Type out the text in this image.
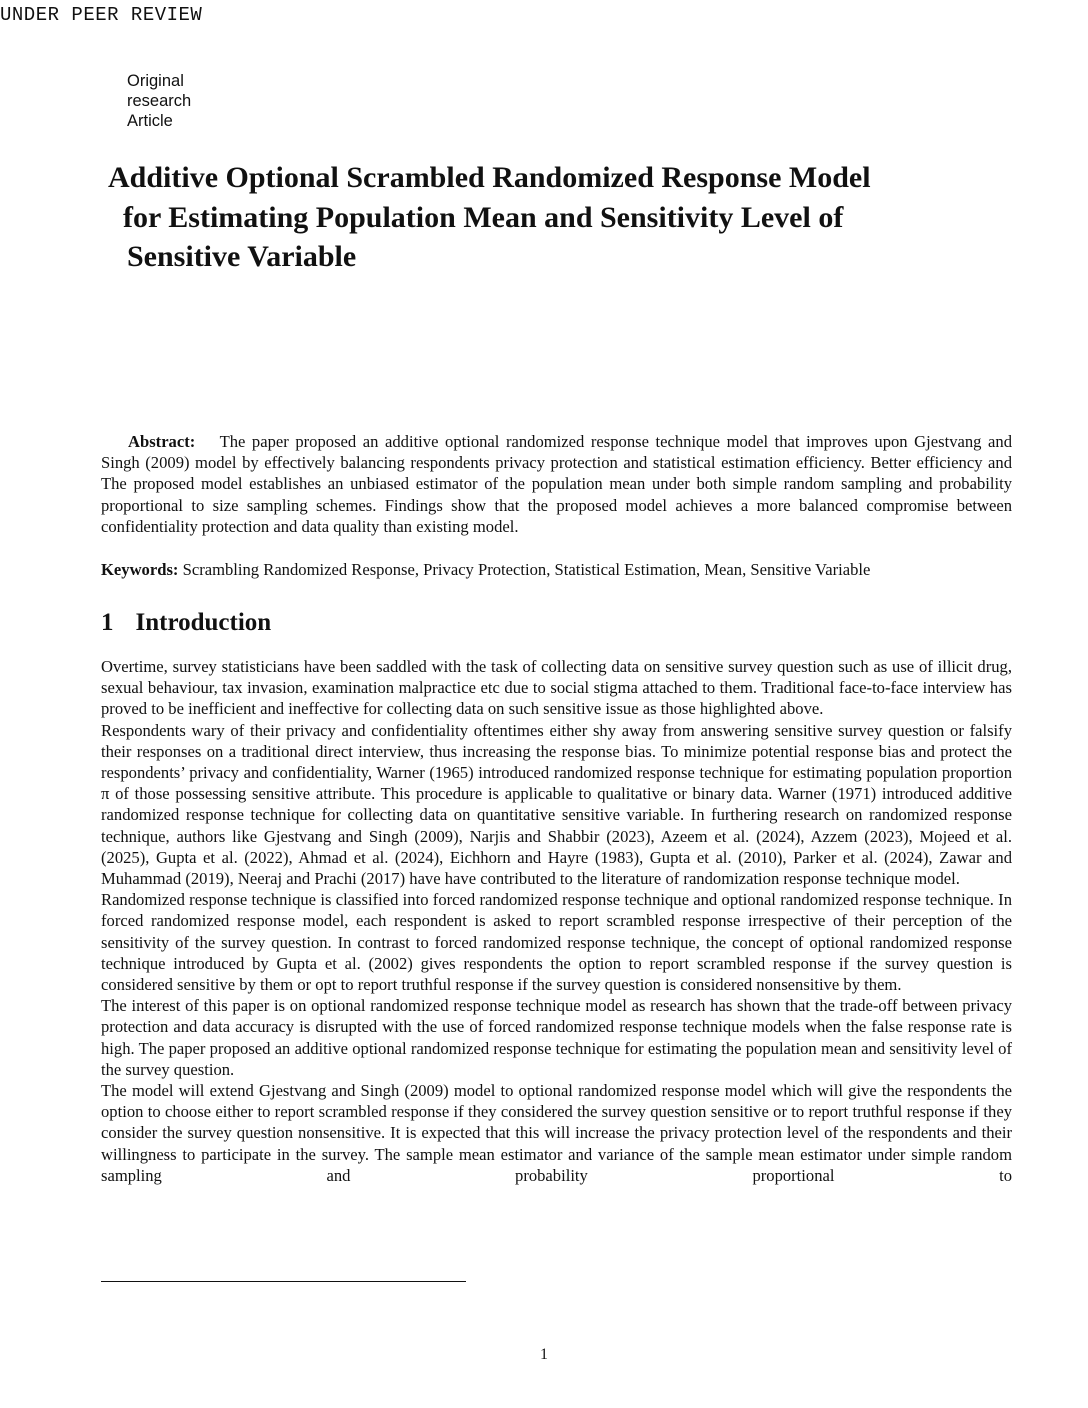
UNDER PEER REVIEW
Original
research
Article
Additive Optional Scrambled Randomized Response Model
for Estimating Population Mean and Sensitivity Level of
Sensitive Variable

Abstract: The paper proposed an additive optional randomized response technique model that improves upon Gjestvang and Singh (2009) model by effectively balancing respondents privacy protection and statistical estimation efficiency. Better efficiency and The proposed model establishes an unbiased estimator of the population mean under both simple random sampling and probability proportional to size sampling schemes. Findings show that the proposed model achieves a more balanced compromise between confidentiality protection and data quality than existing model.

Keywords: Scrambling Randomized Response, Privacy Protection, Statistical Estimation, Mean, Sensitive Variable

1 Introduction

Overtime, survey statisticians have been saddled with the task of collecting data on sensitive survey question such as use of illicit drug, sexual behaviour, tax invasion, examination malpractice etc due to social stigma attached to them. Traditional face-to-face interview has proved to be inefficient and ineffective for collecting data on such sensitive issue as those highlighted above.

Respondents wary of their privacy and confidentiality oftentimes either shy away from answering sensitive survey question or falsify their responses on a traditional direct interview, thus increasing the response bias. To minimize potential response bias and protect the respondents’ privacy and confidentiality, Warner (1965) introduced randomized response technique for estimating population proportion π of those possessing sensitive attribute. This procedure is applicable to qualitative or binary data. Warner (1971) introduced additive randomized response technique for collecting data on quantitative sensitive variable. In furthering research on randomized response technique, authors like Gjestvang and Singh (2009), Narjis and Shabbir (2023), Azeem et al. (2024), Azzem (2023), Mojeed et al. (2025), Gupta et al. (2022), Ahmad et al. (2024), Eichhorn and Hayre (1983), Gupta et al. (2010), Parker et al. (2024), Zawar and Muhammad (2019), Neeraj and Prachi (2017) have have contributed to the literature of randomization response technique model.

Randomized response technique is classified into forced randomized response technique and optional randomized response technique. In forced randomized response model, each respondent is asked to report scrambled response irrespective of their perception of the sensitivity of the survey question. In contrast to forced randomized response technique, the concept of optional randomized response technique introduced by Gupta et al. (2002) gives respondents the option to report scrambled response if the survey question is considered sensitive by them or opt to report truthful response if the survey question is considered nonsensitive by them.

The interest of this paper is on optional randomized response technique model as research has shown that the trade-off between privacy protection and data accuracy is disrupted with the use of forced randomized response technique models when the false response rate is high. The paper proposed an additive optional randomized response technique for estimating the population mean and sensitivity level of the survey question.

The model will extend Gjestvang and Singh (2009) model to optional randomized response model which will give the respondents the option to choose either to report scrambled response if they considered the survey question sensitive or to report truthful response if they consider the survey question nonsensitive. It is expected that this will increase the privacy protection level of the respondents and their willingness to participate in the survey. The sample mean estimator and variance of the sample mean estimator under simple random sampling and probability proportional to

1
